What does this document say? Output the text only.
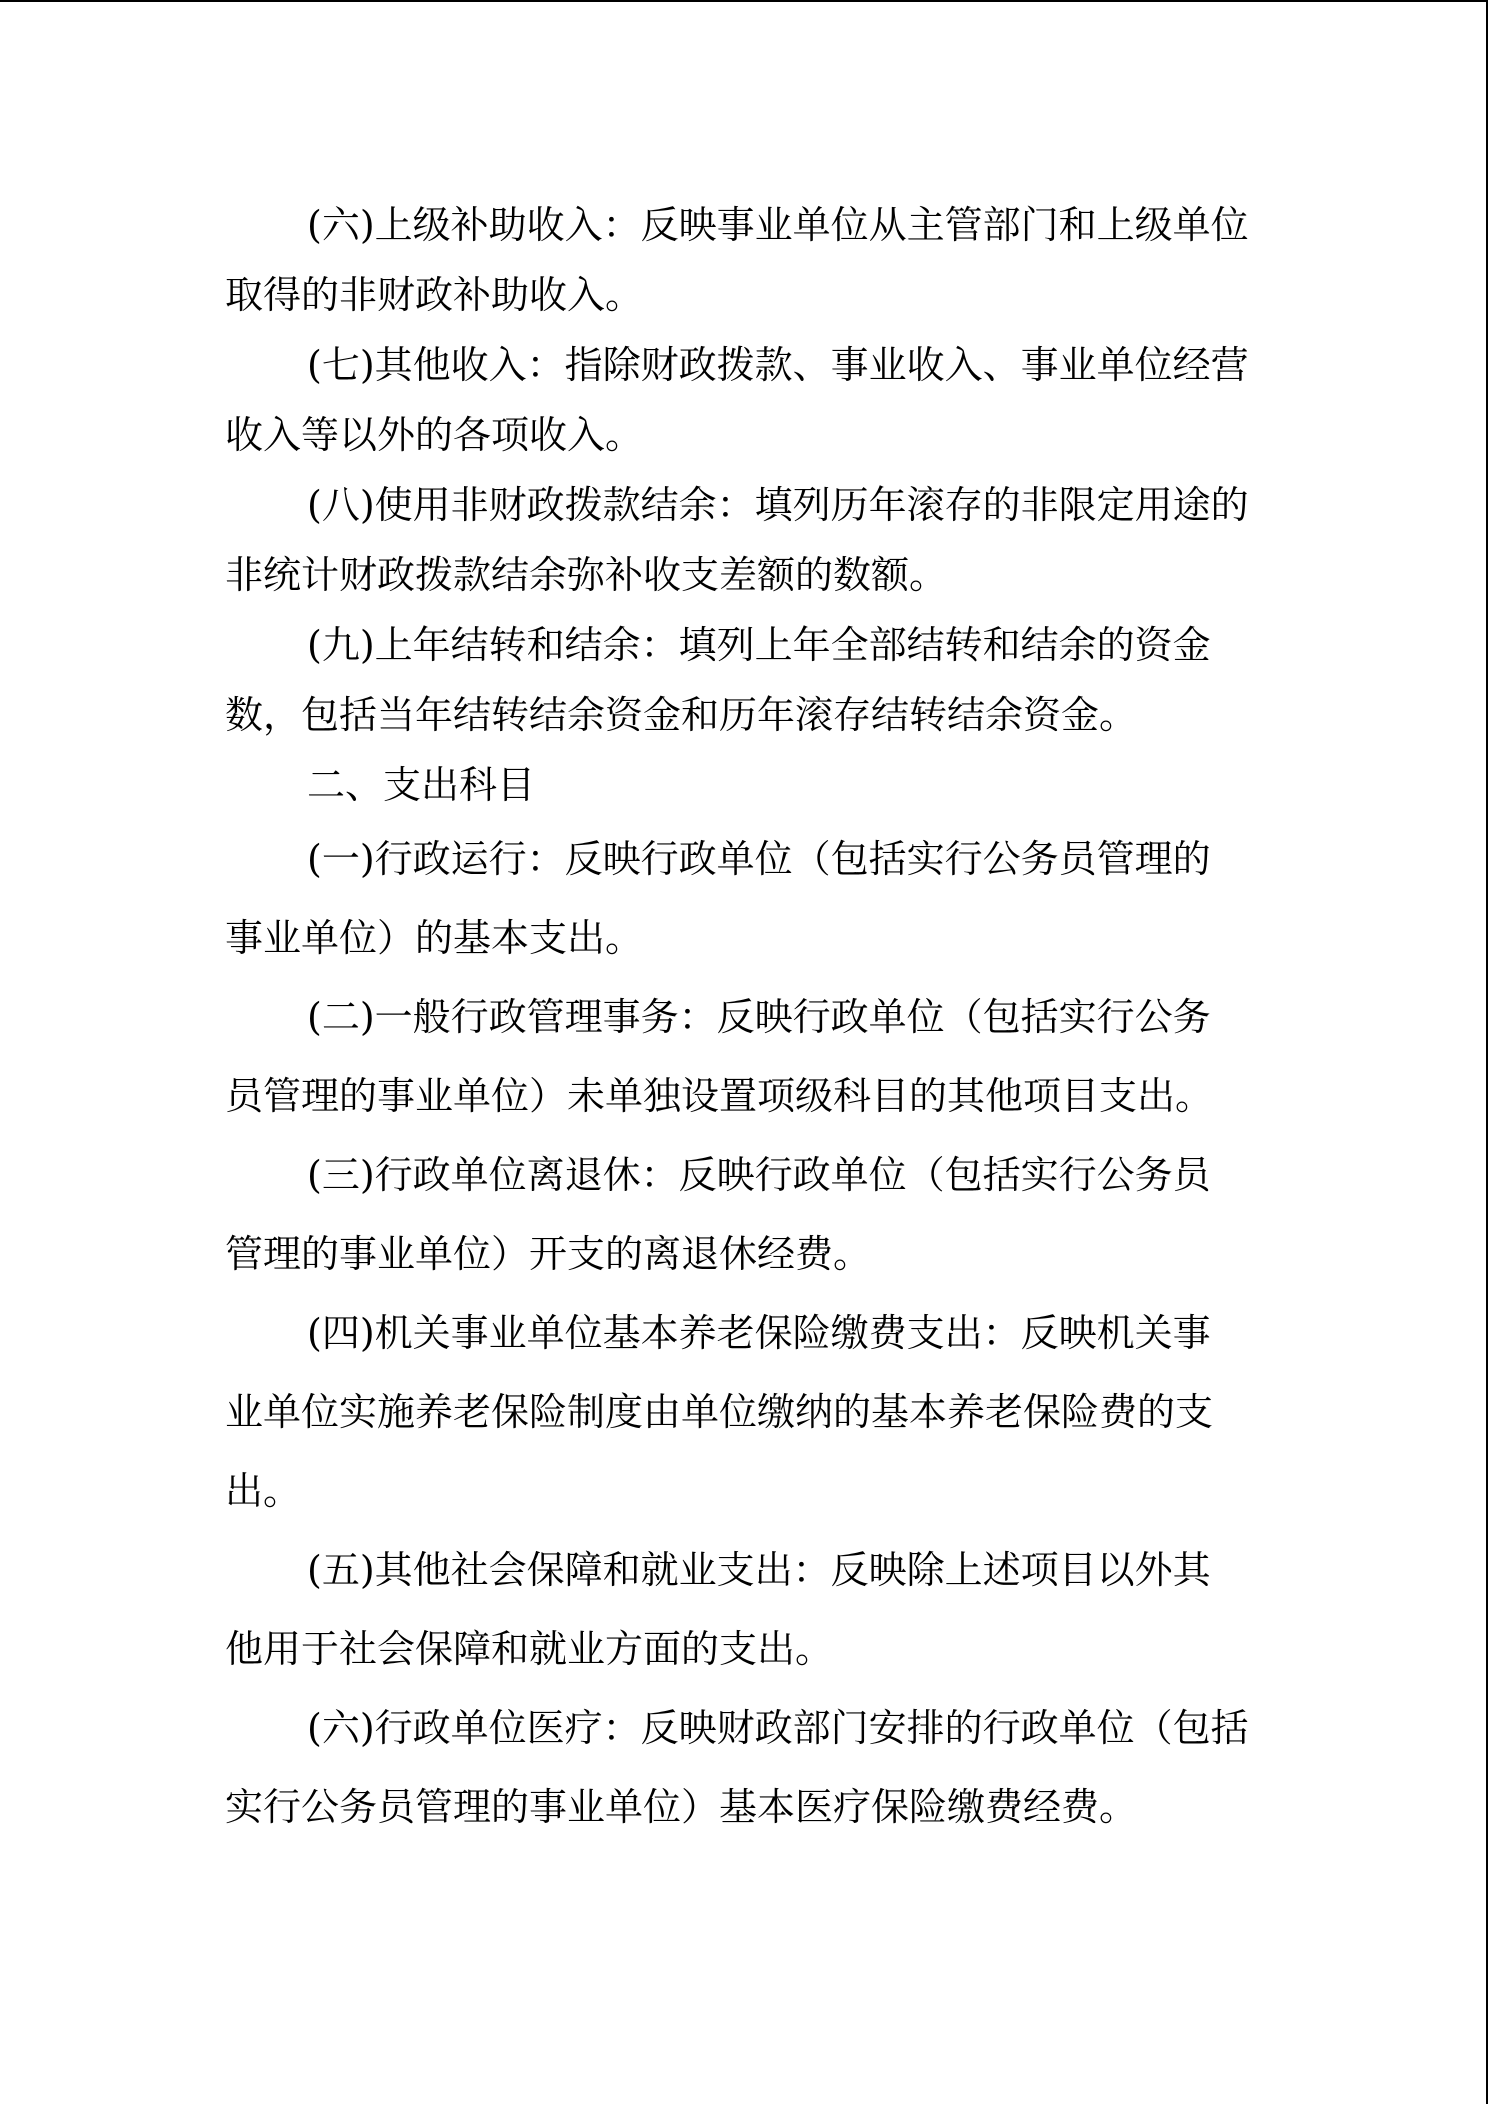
(六)上级补助收入：反映事业单位从主管部门和上级单位取得的非财政补助收入。

(七)其他收入：指除财政拨款、事业收入、事业单位经营收入等以外的各项收入。

(八)使用非财政拨款结余：填列历年滚存的非限定用途的非统计财政拨款结余弥补收支差额的数额。

(九)上年结转和结余：填列上年全部结转和结余的资金数，包括当年结转结余资金和历年滚存结转结余资金。

二、支出科目

(一)行政运行：反映行政单位（包括实行公务员管理的事业单位）的基本支出。

(二)一般行政管理事务：反映行政单位（包括实行公务员管理的事业单位）未单独设置项级科目的其他项目支出。

(三)行政单位离退休：反映行政单位（包括实行公务员管理的事业单位）开支的离退休经费。

(四)机关事业单位基本养老保险缴费支出：反映机关事业单位实施养老保险制度由单位缴纳的基本养老保险费的支出。

(五)其他社会保障和就业支出：反映除上述项目以外其他用于社会保障和就业方面的支出。

(六)行政单位医疗：反映财政部门安排的行政单位（包括实行公务员管理的事业单位）基本医疗保险缴费经费。
